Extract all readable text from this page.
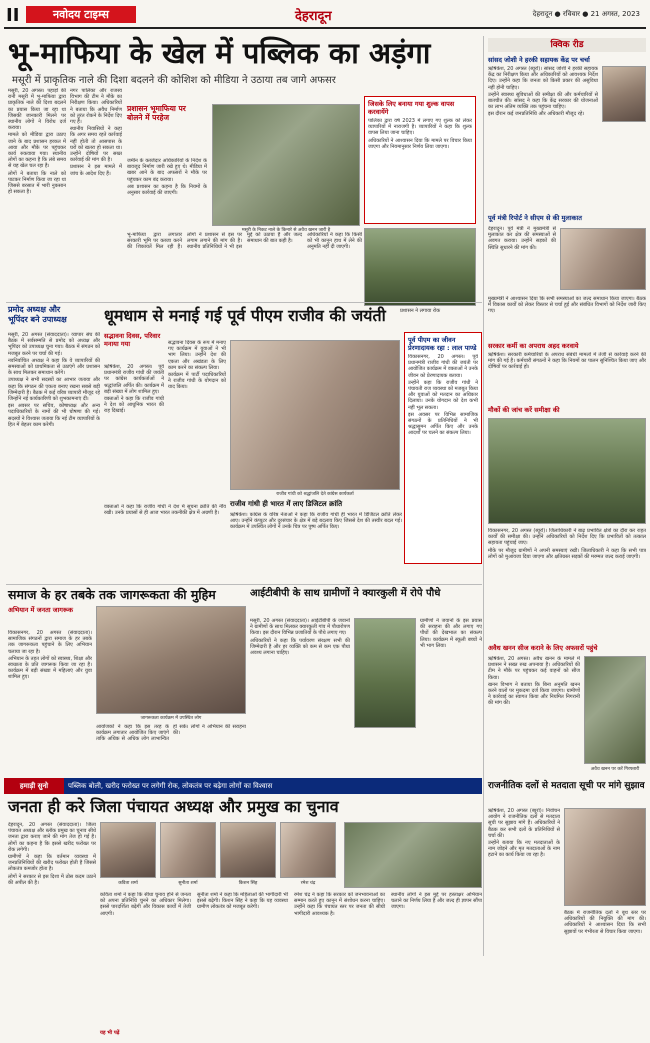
II	नवोदय टाइम्स	देहरादून	देहरादून ● रविवार ● 21 अगस्त, 2023
भू-माफिया के खेल में पब्लिक का अड़ंगा
मसूरी में प्राकृतिक नाले की दिशा बदलने की कोशिश को मीडिया ने उठाया तब जागे अफसर

मसूरी, 20 अगस्त। पहाड़ों की रानी मसूरी में भू-माफिया द्वारा प्राकृतिक नाले की दिशा बदलने का प्रयास किया जा रहा था जिसकी जानकारी मिलने पर स्थानीय लोगों ने विरोध दर्ज कराया।

मामले को मीडिया द्वारा उठाए जाने के बाद प्रशासन हरकत में आया और मौके पर पहुंचकर कार्य रुकवाया गया। स्थानीय लोगों का कहना है कि लंबे समय से यह खेल चल रहा है।

लोगों ने बताया कि नाले को पाटकर निर्माण किया जा रहा था जिससे बरसात में भारी नुकसान हो सकता है।

नगर पालिका और राजस्व विभाग की टीम ने मौके का निरीक्षण किया। अधिकारियों ने बताया कि अवैध निर्माण को तुरंत रोकने के निर्देश दिए गए हैं।

स्थानीय निवासियों ने कहा कि अगर समय रहते कार्रवाई नहीं होती तो आसपास के घरों को खतरा हो सकता था। उन्होंने दोषियों पर सख्त कार्रवाई की मांग की है।

प्रशासन ने इस मामले में जांच के आदेश दिए हैं।

प्रशासन भूमाफिया पर
बोलने में परहेज

जमीन के कब्जेदार अधिकारियों के निर्देश के बावजूद निर्माण जारी रखे हुए थे। मीडिया में खबर आने के बाद अफसरों ने मौके पर पहुंचकर काम बंद कराया।

अब प्रशासन का कहना है कि नियमों के अनुसार कार्रवाई की जाएगी।

मसूरी के निकट नाले के किनारे से अवैध खनन जारी है
जिसके लिए बनाया गया शुल्क वापस करवायेंगे

पालिका द्वारा वर्ष 2023 में लगाए गए शुल्क को लेकर व्यापारियों में नाराजगी है। व्यापारियों ने कहा कि शुल्क वापस लिया जाना चाहिए।

अधिकारियों ने आश्वासन दिया कि मामले पर विचार किया जाएगा और नियमानुसार निर्णय लिया जाएगा।

भू-माफिया द्वारा लगातार सरकारी भूमि पर कब्जा करने की शिकायतें मिल रही हैं। लोगों ने प्रशासन से इस पर लगाम लगाने की मांग की है। स्थानीय प्रतिनिधियों ने भी इस मुद्दे को उठाया है और जल्द समाधान की बात कही है।

अधिकारियों ने कहा कि किसी को भी कानून हाथ में लेने की अनुमति नहीं दी जाएगी।

प्रशासन ने लगाया रोक
क्विक रीड
सांसद जोशी ने हरकी सहायक केंद्र पर चर्चा

ऋषिकेश, 20 अगस्त (ब्यूरो)। सांसद जोशी ने हरकी सहायक केंद्र का निरीक्षण किया और अधिकारियों को आवश्यक निर्देश दिए। उन्होंने कहा कि जनता को किसी प्रकार की असुविधा नहीं होनी चाहिए।

उन्होंने स्वास्थ्य सुविधाओं की समीक्षा की और कर्मचारियों से बातचीत की। सांसद ने कहा कि केंद्र सरकार की योजनाओं का लाभ अंतिम व्यक्ति तक पहुंचना चाहिए।

इस दौरान कई जनप्रतिनिधि और अधिकारी मौजूद रहे।

पूर्व मंत्री रिपोर्ट ने सीएम से की मुलाकात

देहरादून। पूर्व मंत्री ने मुख्यमंत्री से मुलाकात कर क्षेत्र की समस्याओं से अवगत कराया। उन्होंने सड़कों की स्थिति सुधारने की मांग की।

मुख्यमंत्री ने आश्वासन दिया कि सभी समस्याओं का जल्द समाधान किया जाएगा। बैठक में विकास कार्यों को लेकर विस्तार से चर्चा हुई और संबंधित विभागों को निर्देश जारी किए गए।

सरकार कर्मी का अपराध अहद करवाये

ऋषिकेश। सरकारी कर्मचारियों के अपराध संबंधी मामलों में तेजी से कार्रवाई करने की मांग की गई है। कर्मचारी संगठनों ने कहा कि नियमों का पालन सुनिश्चित किया जाए और दोषियों पर कार्रवाई हो।

मौकों की जांच करें समीक्षा की

विकासनगर, 20 अगस्त (ब्यूरो)। जिलाधिकारी ने बाढ़ प्रभावित क्षेत्रों का दौरा कर राहत कार्यों की समीक्षा की। उन्होंने अधिकारियों को निर्देश दिए कि प्रभावितों को तत्काल सहायता पहुंचाई जाए।

मौके पर मौजूद ग्रामीणों ने अपनी समस्याएं रखीं। जिलाधिकारी ने कहा कि सभी पात्र लोगों को मुआवजा दिया जाएगा और क्षतिग्रस्त सड़कों की मरम्मत जल्द कराई जाएगी।

अवैध खनन सीज कराने के लिए अफसरों पहुंचे

ऋषिकेश, 20 अगस्त। अवैध खनन के मामले में प्रशासन ने सख्त रुख अपनाया है। अधिकारियों की टीम ने मौके पर पहुंचकर कई वाहनों को सीज किया।

खनन विभाग ने बताया कि बिना अनुमति खनन करने वालों पर मुकदमा दर्ज किया जाएगा। ग्रामीणों ने कार्रवाई का स्वागत किया और नियमित निगरानी की मांग की।

अवैध खनन पर करें गिरफ्तारी
प्रमोद अध्यक्ष और
भूपिंदर बने उपाध्यक्ष

मसूरी, 20 अगस्त (संवाददाता)। व्यापार संघ की बैठक में सर्वसम्मति से प्रमोद को अध्यक्ष और भूपिंदर को उपाध्यक्ष चुना गया। बैठक में संगठन को मजबूत करने पर चर्चा की गई।

नवनिर्वाचित अध्यक्ष ने कहा कि वे व्यापारियों की समस्याओं को प्राथमिकता से उठाएंगे और प्रशासन के साथ मिलकर समाधान करेंगे।

उपाध्यक्ष ने सभी सदस्यों का आभार जताया और कहा कि संगठन की एकता बनाए रखना सबसे बड़ी जिम्मेदारी है। बैठक में कई वरिष्ठ व्यापारी मौजूद रहे जिन्होंने नई कार्यकारिणी को शुभकामनाएं दीं।

इस अवसर पर सचिव, कोषाध्यक्ष और अन्य पदाधिकारियों के नामों की भी घोषणा की गई। सदस्यों ने विश्वास जताया कि नई टीम व्यापारियों के हित में बेहतर काम करेगी।

धूमधाम से मनाई गई पूर्व पीएम राजीव की जयंती
सद्भावना दिवस, परिवार मनाया गया

ऋषिकेश, 20 अगस्त। पूर्व प्रधानमंत्री राजीव गांधी की जयंती पर कांग्रेस कार्यकर्ताओं ने श्रद्धांजलि अर्पित की। कार्यक्रम में बड़ी संख्या में लोग शामिल हुए।

वक्ताओं ने कहा कि राजीव गांधी ने देश को आधुनिक भारत की राह दिखाई।

सद्भावना दिवस के रूप में मनाए गए कार्यक्रम में युवाओं ने भी भाग लिया। उन्होंने देश की एकता और अखंडता के लिए काम करने का संकल्प लिया।

कार्यक्रम में पार्टी पदाधिकारियों ने राजीव गांधी के योगदान को याद किया।

राजीव गांधी को श्रद्धांजलि देते कांग्रेस कार्यकर्ता
पूर्व पीएम का जीवन प्रेरणादायक रहा : लाल पाण्डे

विकासनगर, 20 अगस्त। पूर्व प्रधानमंत्री राजीव गांधी की जयंती पर आयोजित कार्यक्रम में वक्ताओं ने उनके जीवन को प्रेरणादायक बताया।

उन्होंने कहा कि राजीव गांधी ने पंचायती राज व्यवस्था को मजबूत किया और युवाओं को मतदान का अधिकार दिलाया। उनके योगदान को देश कभी नहीं भूल सकता।

इस अवसर पर विभिन्न सामाजिक संगठनों के प्रतिनिधियों ने भी श्रद्धासुमन अर्पित किए और उनके आदर्शों पर चलने का संकल्प लिया।

राजीव गांधी ही भारत में लाए डिजिटल क्रांति

वक्ताओं ने कहा कि राजीव गांधी ने देश में सूचना क्रांति की नींव रखी। उनके प्रयासों से ही आज भारत तकनीकी क्षेत्र में अग्रणी है।	ऋषिकेश। कांग्रेस के वरिष्ठ नेताओं ने कहा कि राजीव गांधी ही भारत में डिजिटल क्रांति लेकर आए। उन्होंने कंप्यूटर और दूरसंचार के क्षेत्र में बड़े बदलाव किए जिससे देश की तस्वीर बदल गई। कार्यक्रम में उपस्थित लोगों ने उनके चित्र पर पुष्प अर्पित किए।

समाज के हर तबके तक जागरूकता की मुहिम
अभियान में जनता जागरूक

विकासनगर, 20 अगस्त (संवाददाता)। सामाजिक संगठनों द्वारा समाज के हर तबके तक जागरूकता पहुंचाने के लिए अभियान चलाया जा रहा है।

अभियान के तहत लोगों को स्वास्थ्य, शिक्षा और स्वच्छता के प्रति जागरूक किया जा रहा है। कार्यक्रम में बड़ी संख्या में महिलाएं और युवा शामिल हुए।

जागरूकता कार्यक्रम में उपस्थित लोग

आयोजकों ने कहा कि इस तरह के कार्यक्रम लगातार आयोजित किए जाएंगे ताकि अधिक से अधिक लोग लाभान्वित हो सकें। लोगों ने अभियान की सराहना की।

आईटीबीपी के साथ ग्रामीणों ने क्यारकुली में रोपे पौधे

मसूरी, 20 अगस्त (संवाददाता)। आईटीबीपी के जवानों ने ग्रामीणों के साथ मिलकर क्यारकुली गांव में पौधारोपण किया। इस दौरान विभिन्न प्रजातियों के पौधे लगाए गए।

अधिकारियों ने कहा कि पर्यावरण संरक्षण सभी की जिम्मेदारी है और हर व्यक्ति को कम से कम एक पौधा अवश्य लगाना चाहिए।

ग्रामीणों ने जवानों के इस प्रयास की सराहना की और लगाए गए पौधों की देखभाल का संकल्प लिया। कार्यक्रम में स्कूली बच्चों ने भी भाग लिया।

हमाड़ी सुनो	पब्लिक बोली, खरीद फरोख्त पर लगेगी रोक, लोकतंत्र पर बढ़ेगा लोगों का विश्वास
जनता ही करे जिला पंचायत अध्यक्ष और प्रमुख का चुनाव

देहरादून, 20 अगस्त (संवाददाता)। जिला पंचायत अध्यक्ष और ब्लॉक प्रमुख का चुनाव सीधे जनता द्वारा कराए जाने की मांग तेज हो गई है। लोगों का कहना है कि इससे खरीद फरोख्त पर रोक लगेगी।

ग्रामीणों ने कहा कि वर्तमान व्यवस्था में जनप्रतिनिधियों की खरीद फरोख्त होती है जिससे लोकतंत्र कमजोर होता है।

लोगों ने सरकार से इस दिशा में ठोस कदम उठाने की अपील की है।	कविता शर्मा	सुनीता शर्मा	किशन सिंह	रमेश चंद्र

कविता शर्मा ने कहा कि सीधा चुनाव होने से जनता को अपना प्रतिनिधि चुनने का अधिकार मिलेगा। इससे पारदर्शिता बढ़ेगी और विकास कार्यों में तेजी आएगी।

सुनीता शर्मा ने कहा कि महिलाओं की भागीदारी भी इससे बढ़ेगी। किशन सिंह ने कहा कि यह व्यवस्था ग्रामीण लोकतंत्र को मजबूत करेगी।

रमेश चंद्र ने कहा कि सरकार को जनभावनाओं का सम्मान करते हुए कानून में संशोधन करना चाहिए। उन्होंने कहा कि पंचायत स्तर पर जनता की सीधी भागीदारी आवश्यक है।

स्थानीय लोगों ने इस मुद्दे पर हस्ताक्षर अभियान चलाने का निर्णय लिया है और जल्द ही ज्ञापन सौंपा जाएगा।

यह भी पढ़ें
राजनीतिक दलों से मतदाता सूची पर मांगे सुझाव

ऋषिकेश, 20 अगस्त (ब्यूरो)। निर्वाचन आयोग ने राजनीतिक दलों से मतदाता सूची पर सुझाव मांगे हैं। अधिकारियों ने बैठक कर सभी दलों के प्रतिनिधियों से चर्चा की।

उन्होंने बताया कि नए मतदाताओं के नाम जोड़ने और मृत मतदाताओं के नाम हटाने का कार्य किया जा रहा है।

बैठक में राजनीतिक दलों ने बूथ स्तर पर अधिकारियों की नियुक्ति की मांग की। अधिकारियों ने आश्वासन दिया कि सभी सुझावों पर गंभीरता से विचार किया जाएगा।
